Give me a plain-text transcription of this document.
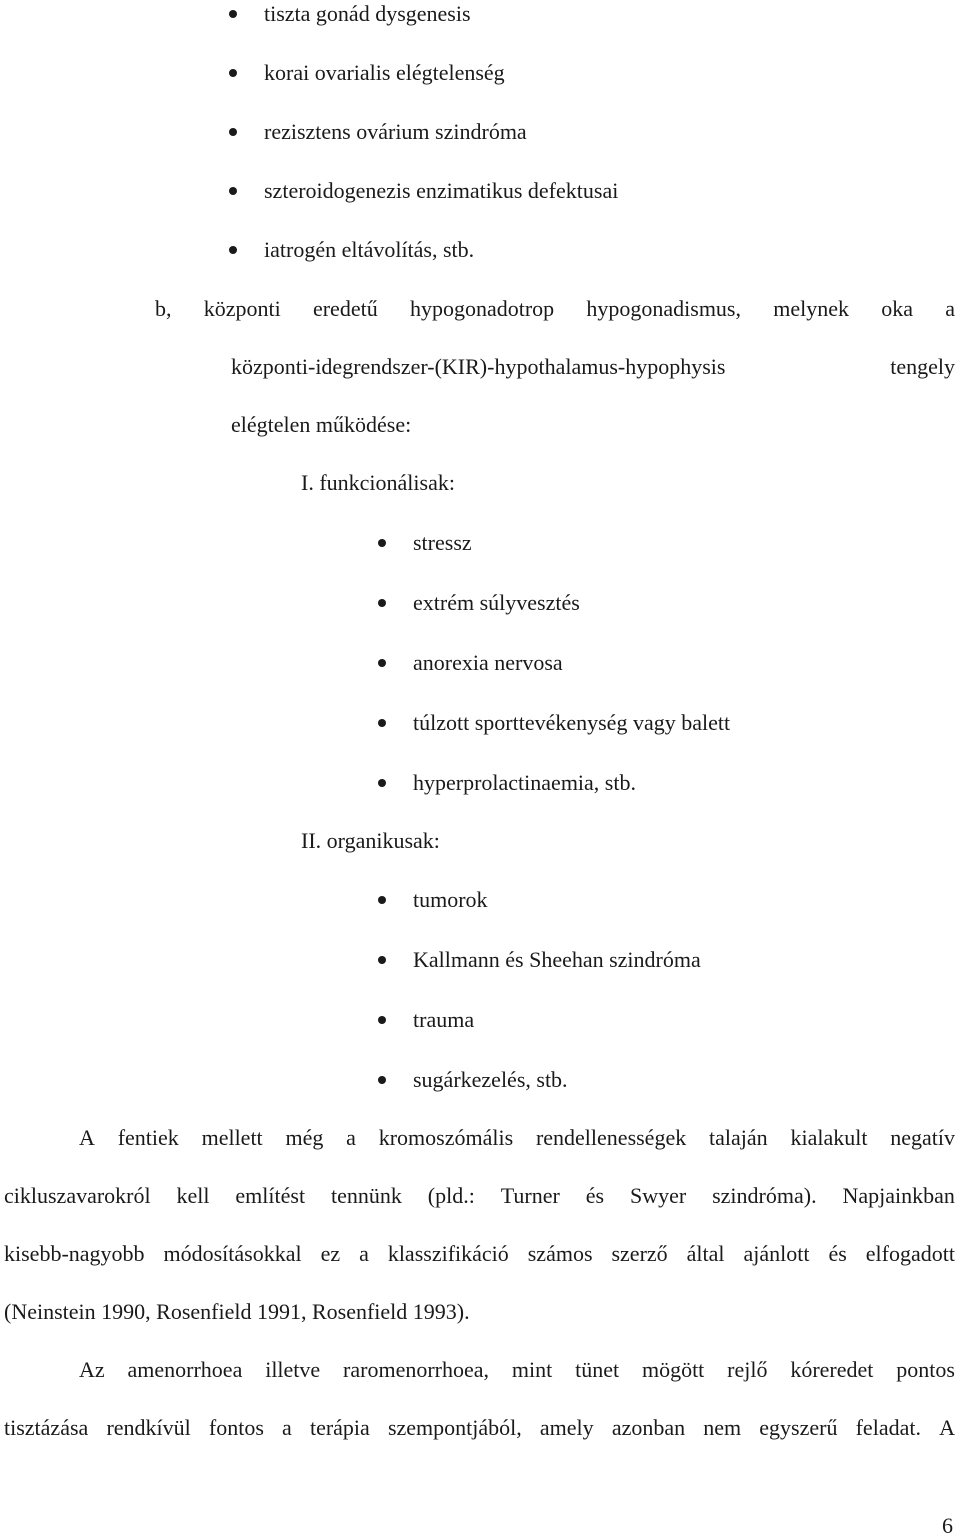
tiszta gonád dysgenesis
korai ovarialis elégtelenség
rezisztens ovárium szindróma
szteroidogenezis enzimatikus defektusai
iatrogén eltávolítás, stb.
b, központi eredetű hypogonadotrop hypogonadismus, melynek oka a
központi-idegrendszer-(KIR)-hypothalamus-hypophysis	tengely
elégtelen működése:
I. funkcionálisak:
stressz
extrém súlyvesztés
anorexia nervosa
túlzott sporttevékenység vagy balett
hyperprolactinaemia, stb.
II. organikusak:
tumorok
Kallmann és Sheehan szindróma
trauma
sugárkezelés, stb.
A fentiek mellett még a kromoszómális rendellenességek talaján kialakult negatív
cikluszavarokról kell említést tennünk (pld.: Turner és Swyer szindróma). Napjainkban
kisebb-nagyobb módosításokkal ez a klasszifikáció számos szerző által ajánlott és elfogadott
(Neinstein 1990, Rosenfield 1991, Rosenfield 1993).
Az amenorrhoea illetve raromenorrhoea, mint tünet mögött rejlő kóreredet pontos
tisztázása rendkívül fontos a terápia szempontjából, amely azonban nem egyszerű feladat. A
6
